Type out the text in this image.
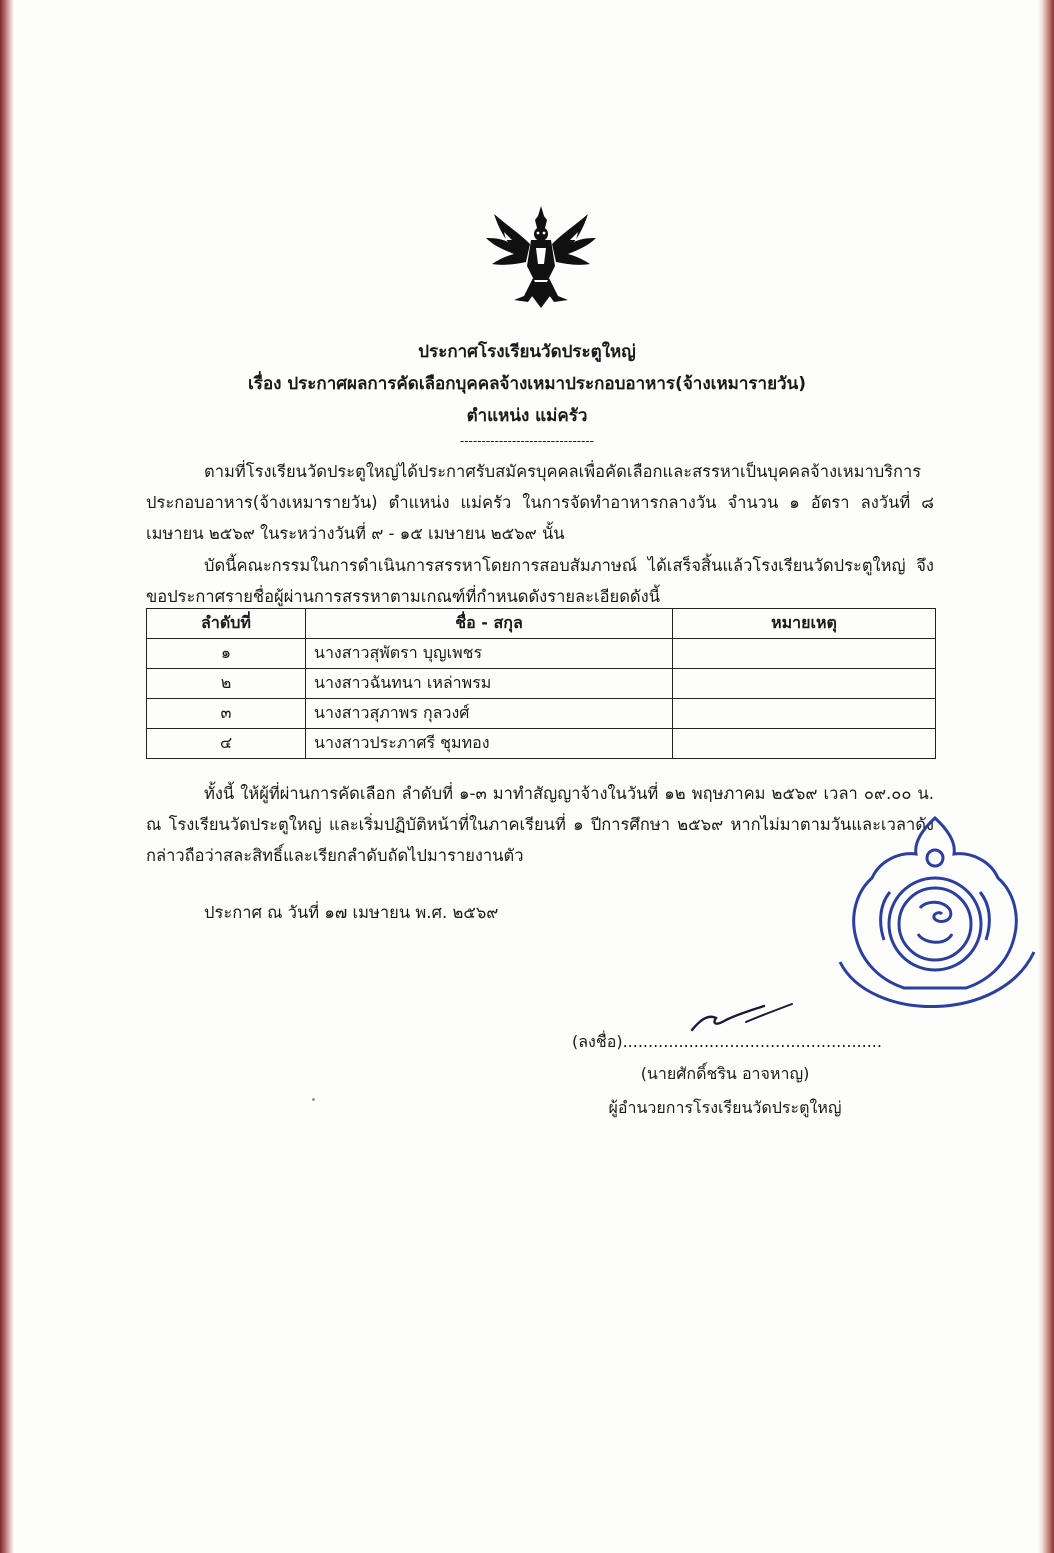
ประกาศโรงเรียนวัดประตูใหญ่
เรื่อง ประกาศผลการคัดเลือกบุคคลจ้างเหมาประกอบอาหาร(จ้างเหมารายวัน)
ตำแหน่ง แม่ครัว
-------------------------------
ตามที่โรงเรียนวัดประตูใหญ่ได้ประกาศรับสมัครบุคคลเพื่อคัดเลือกและสรรหาเป็นบุคคลจ้างเหมาบริการประกอบอาหาร(จ้างเหมารายวัน) ตำแหน่ง แม่ครัว ในการจัดทำอาหารกลางวัน จำนวน ๑ อัตรา ลงวันที่ ๘ เมษายน ๒๕๖๙ ในระหว่างวันที่ ๙ - ๑๕ เมษายน ๒๕๖๙ นั้น
บัดนี้คณะกรรมในการดำเนินการสรรหาโดยการสอบสัมภาษณ์ ได้เสร็จสิ้นแล้วโรงเรียนวัดประตูใหญ่ จึงขอประกาศรายชื่อผู้ผ่านการสรรหาตามเกณฑ์ที่กำหนดดังรายละเอียดดังนี้
ลำดับที่	ชื่อ - สกุล	หมายเหตุ
๑	นางสาวสุพัตรา บุญเพชร	
๒	นางสาวฉันทนา เหล่าพรม	
๓	นางสาวสุภาพร กุลวงศ์	
๔	นางสาวประภาศรี ชุมทอง	
ทั้งนี้ ให้ผู้ที่ผ่านการคัดเลือก ลำดับที่ ๑-๓ มาทำสัญญาจ้างในวันที่ ๑๒ พฤษภาคม ๒๕๖๙ เวลา ๐๙.๐๐ น. ณ โรงเรียนวัดประตูใหญ่ และเริ่มปฏิบัติหน้าที่ในภาคเรียนที่ ๑ ปีการศึกษา ๒๕๖๙ หากไม่มาตามวันและเวลาดังกล่าวถือว่าสละสิทธิ์และเรียกลำดับถัดไปมารายงานตัว
ประกาศ ณ วันที่ ๑๗ เมษายน พ.ศ. ๒๕๖๙
(ลงชื่อ)...................................................
(นายศักดิ์ชริน อาจหาญ)
ผู้อำนวยการโรงเรียนวัดประตูใหญ่
